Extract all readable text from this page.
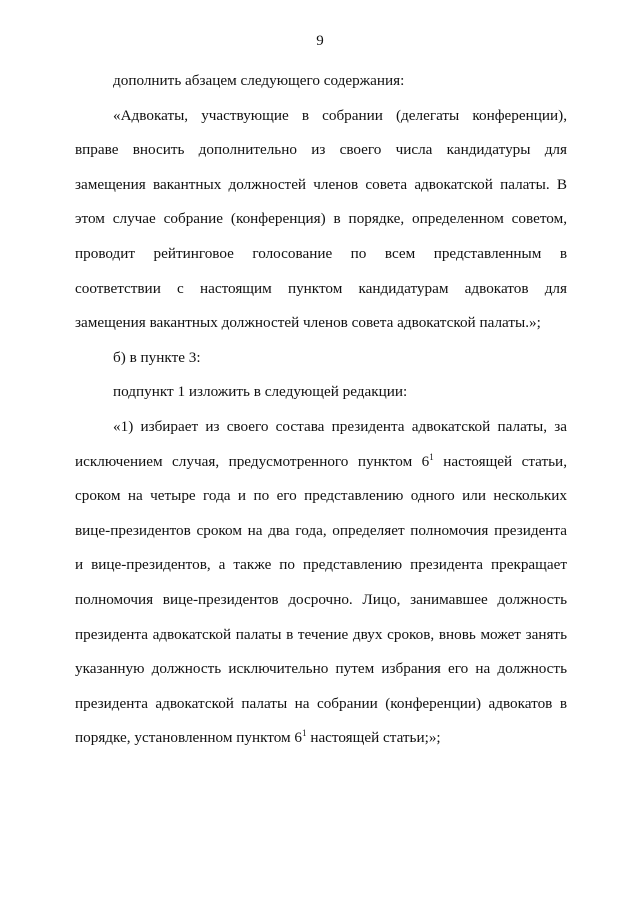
9

дополнить абзацем следующего содержания:

«Адвокаты, участвующие в собрании (делегаты конференции),
вправе вносить дополнительно из своего числа кандидатуры для
замещения вакантных должностей членов совета адвокатской палаты. В
этом случае собрание (конференция) в порядке, определенном советом,
проводит рейтинговое голосование по всем представленным в
соответствии с настоящим пунктом кандидатурам адвокатов для
замещения вакантных должностей членов совета адвокатской палаты.»;

б) в пункте 3:

подпункт 1 изложить в следующей редакции:

«1) избирает из своего состава президента адвокатской палаты, за
исключением случая, предусмотренного пунктом $6^1$ настоящей статьи,
сроком на четыре года и по его представлению одного или нескольких
вице-президентов сроком на два года, определяет полномочия президента
и вице-президентов, а также по представлению президента прекращает
полномочия вице-президентов досрочно. Лицо, занимавшее должность
президента адвокатской палаты в течение двух сроков, вновь может занять
указанную должность исключительно путем избрания его на должность
президента адвокатской палаты на собрании (конференции) адвокатов в
порядке, установленном пунктом $6^1$ настоящей статьи;»;
